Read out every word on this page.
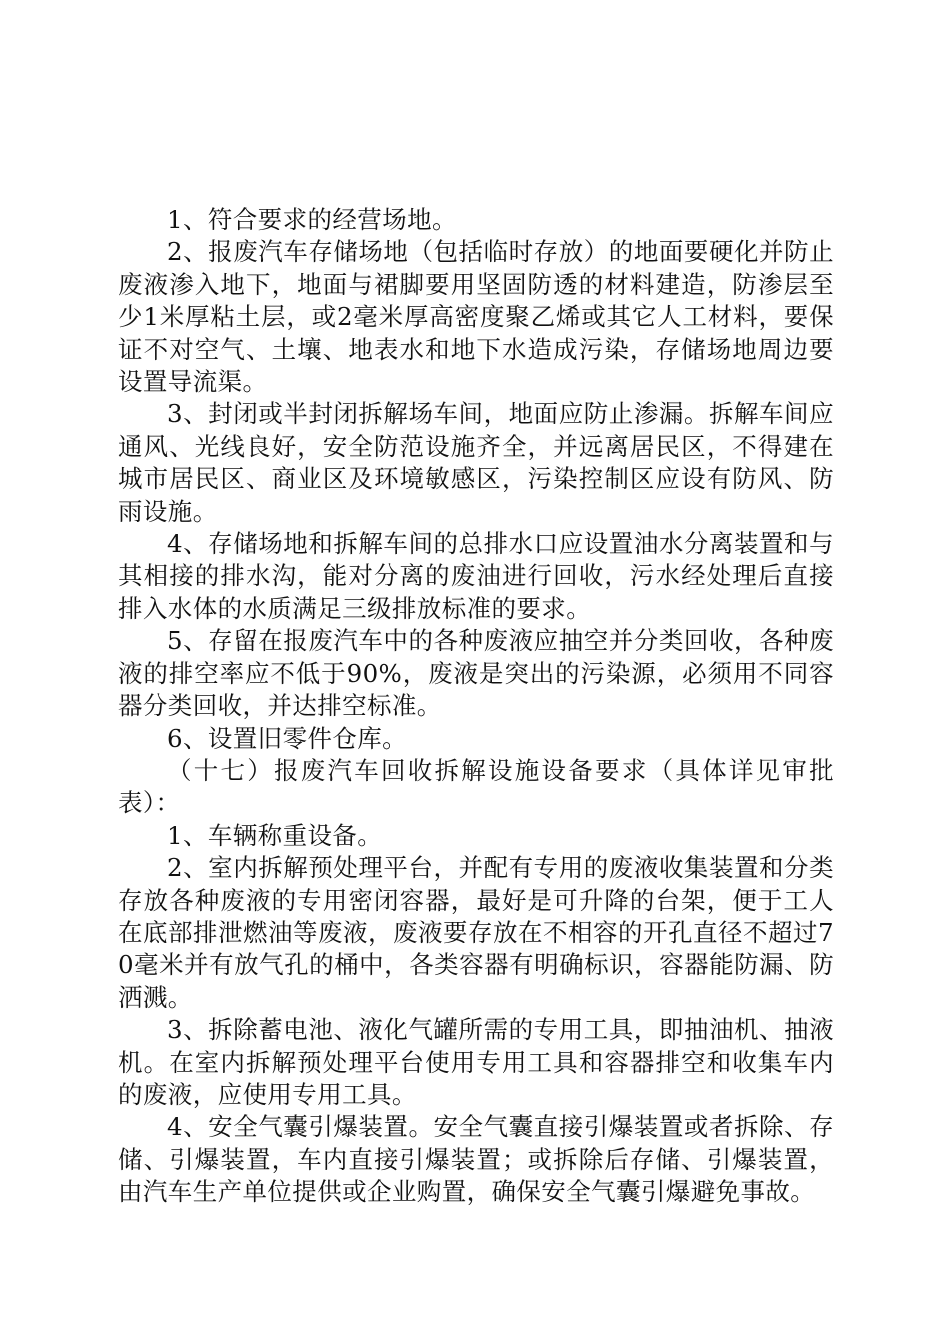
1、符合要求的经营场地。

2、报废汽车存储场地（包括临时存放）的地面要硬化并防止废液渗入地下，地面与裙脚要用坚固防透的材料建造，防渗层至少1米厚粘土层，或2毫米厚高密度聚乙烯或其它人工材料，要保证不对空气、土壤、地表水和地下水造成污染，存储场地周边要设置导流渠。

3、封闭或半封闭拆解场车间，地面应防止渗漏。拆解车间应通风、光线良好，安全防范设施齐全，并远离居民区，不得建在城市居民区、商业区及环境敏感区，污染控制区应设有防风、防雨设施。

4、存储场地和拆解车间的总排水口应设置油水分离装置和与其相接的排水沟，能对分离的废油进行回收，污水经处理后直接排入水体的水质满足三级排放标准的要求。

5、存留在报废汽车中的各种废液应抽空并分类回收，各种废液的排空率应不低于90%，废液是突出的污染源，必须用不同容器分类回收，并达排空标准。

6、设置旧零件仓库。

（十七）报废汽车回收拆解设施设备要求（具体详见审批表）：

1、车辆称重设备。

2、室内拆解预处理平台，并配有专用的废液收集装置和分类存放各种废液的专用密闭容器，最好是可升降的台架，便于工人在底部排泄燃油等废液，废液要存放在不相容的开孔直径不超过70毫米并有放气孔的桶中，各类容器有明确标识，容器能防漏、防洒溅。

3、拆除蓄电池、液化气罐所需的专用工具，即抽油机、抽液机。在室内拆解预处理平台使用专用工具和容器排空和收集车内的废液，应使用专用工具。

4、安全气囊引爆装置。安全气囊直接引爆装置或者拆除、存储、引爆装置，车内直接引爆装置；或拆除后存储、引爆装置，由汽车生产单位提供或企业购置，确保安全气囊引爆避免事故。
